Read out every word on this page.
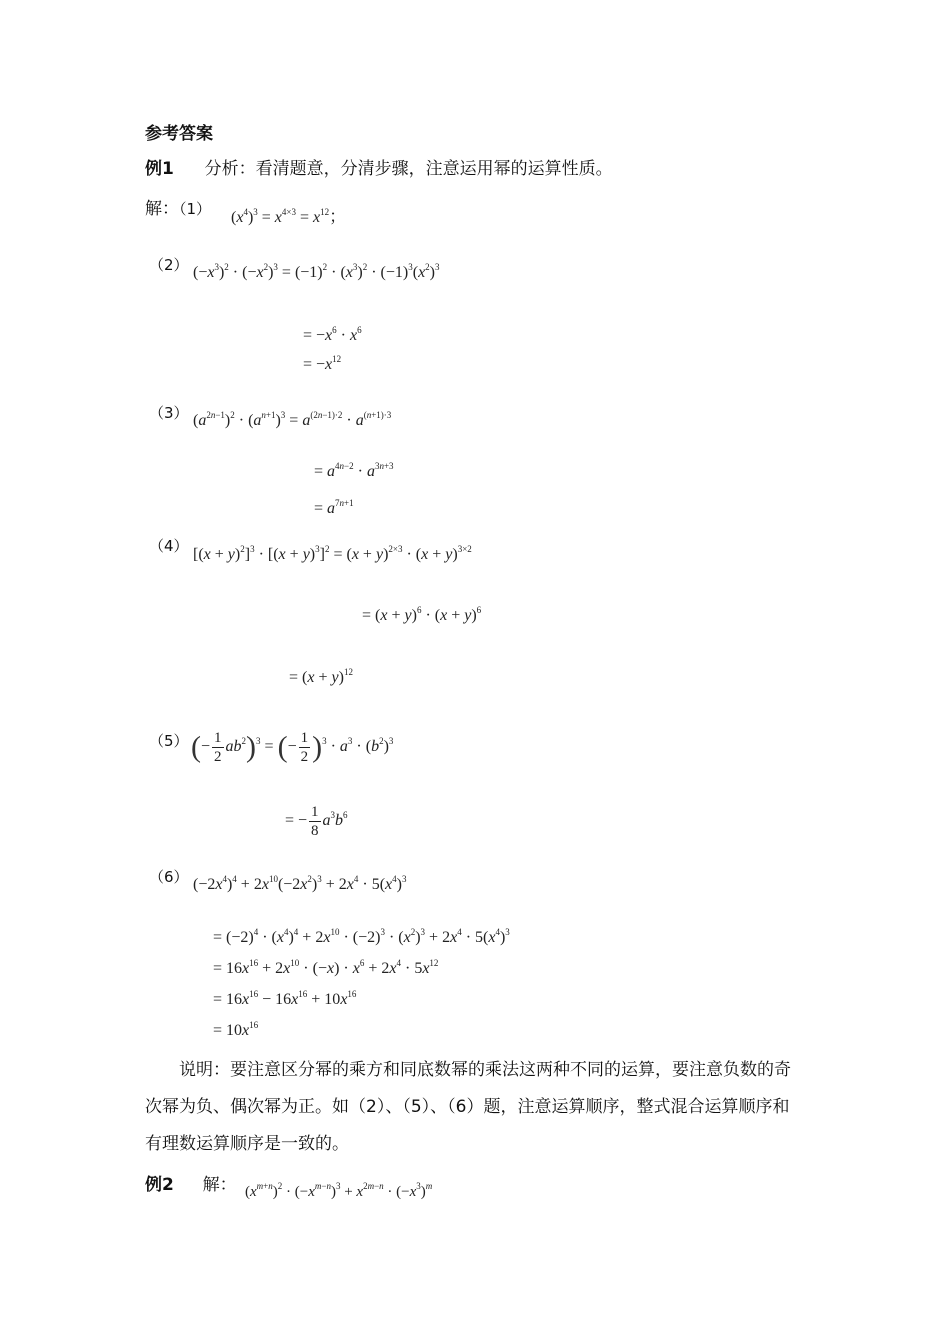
参考答案
例1 分析：看清题意，分清步骤，注意运用幂的运算性质。
解：（1） $(x^4)^3 = x^{4\times 3} = x^{12}$；
（2） $(-x^3)^2 \cdot (-x^2)^3 = (-1)^2 \cdot (x^3)^2 \cdot (-1)^3(x^2)^3$
= $-x^6 \cdot x^6$
= $-x^{12}$
（3） $(a^{2n-1})^2 \cdot (a^{n+1})^3 = a^{(2n-1)\cdot 2} \cdot a^{(n+1)\cdot 3}$
= $a^{4n-2} \cdot a^{3n+3}$
= $a^{7n+1}$
（4） $[(x + y)^2]^3 \cdot [(x + y)^3]^2 = (x + y)^{2\times 3} \cdot (x + y)^{3\times 2}$
= $(x + y)^6 \cdot (x + y)^6$
= $(x + y)^{12}$
（5） (− $\frac{1}{2} ab^2)^3$ = (− $\frac{1}{2} )^3 \cdot a^3 \cdot (b^2)^3$
= − $\frac{1}{8} a^3b^6$
（6） $(-2x^4)^4 + 2x^{10}(-2x^2)^3 + 2x^4 \cdot 5(x^4)^3$
= $(-2)^4 \cdot (x^4)^4 + 2x^{10} \cdot (-2)^3 \cdot (x^2)^3 + 2x^4 \cdot 5(x^4)^3$
= $16x^{16} + 2x^{10} \cdot (-x) \cdot x^6 + 2x^4 \cdot 5x^{12}$
= $16x^{16} - 16x^{16} + 10x^{16}$
= $10x^{16}$
说明：要注意区分幂的乘方和同底数幂的乘法这两种不同的运算，要注意负数的奇次幂为负、偶次幂为正。如（2）、（5）、（6）题，注意运算顺序，整式混合运算顺序和有理数运算顺序是一致的。
例2 解： $(x^{m+n})^2 \cdot (-x^{m-n})^3 + x^{2m-n} \cdot (-x^3)^m$
